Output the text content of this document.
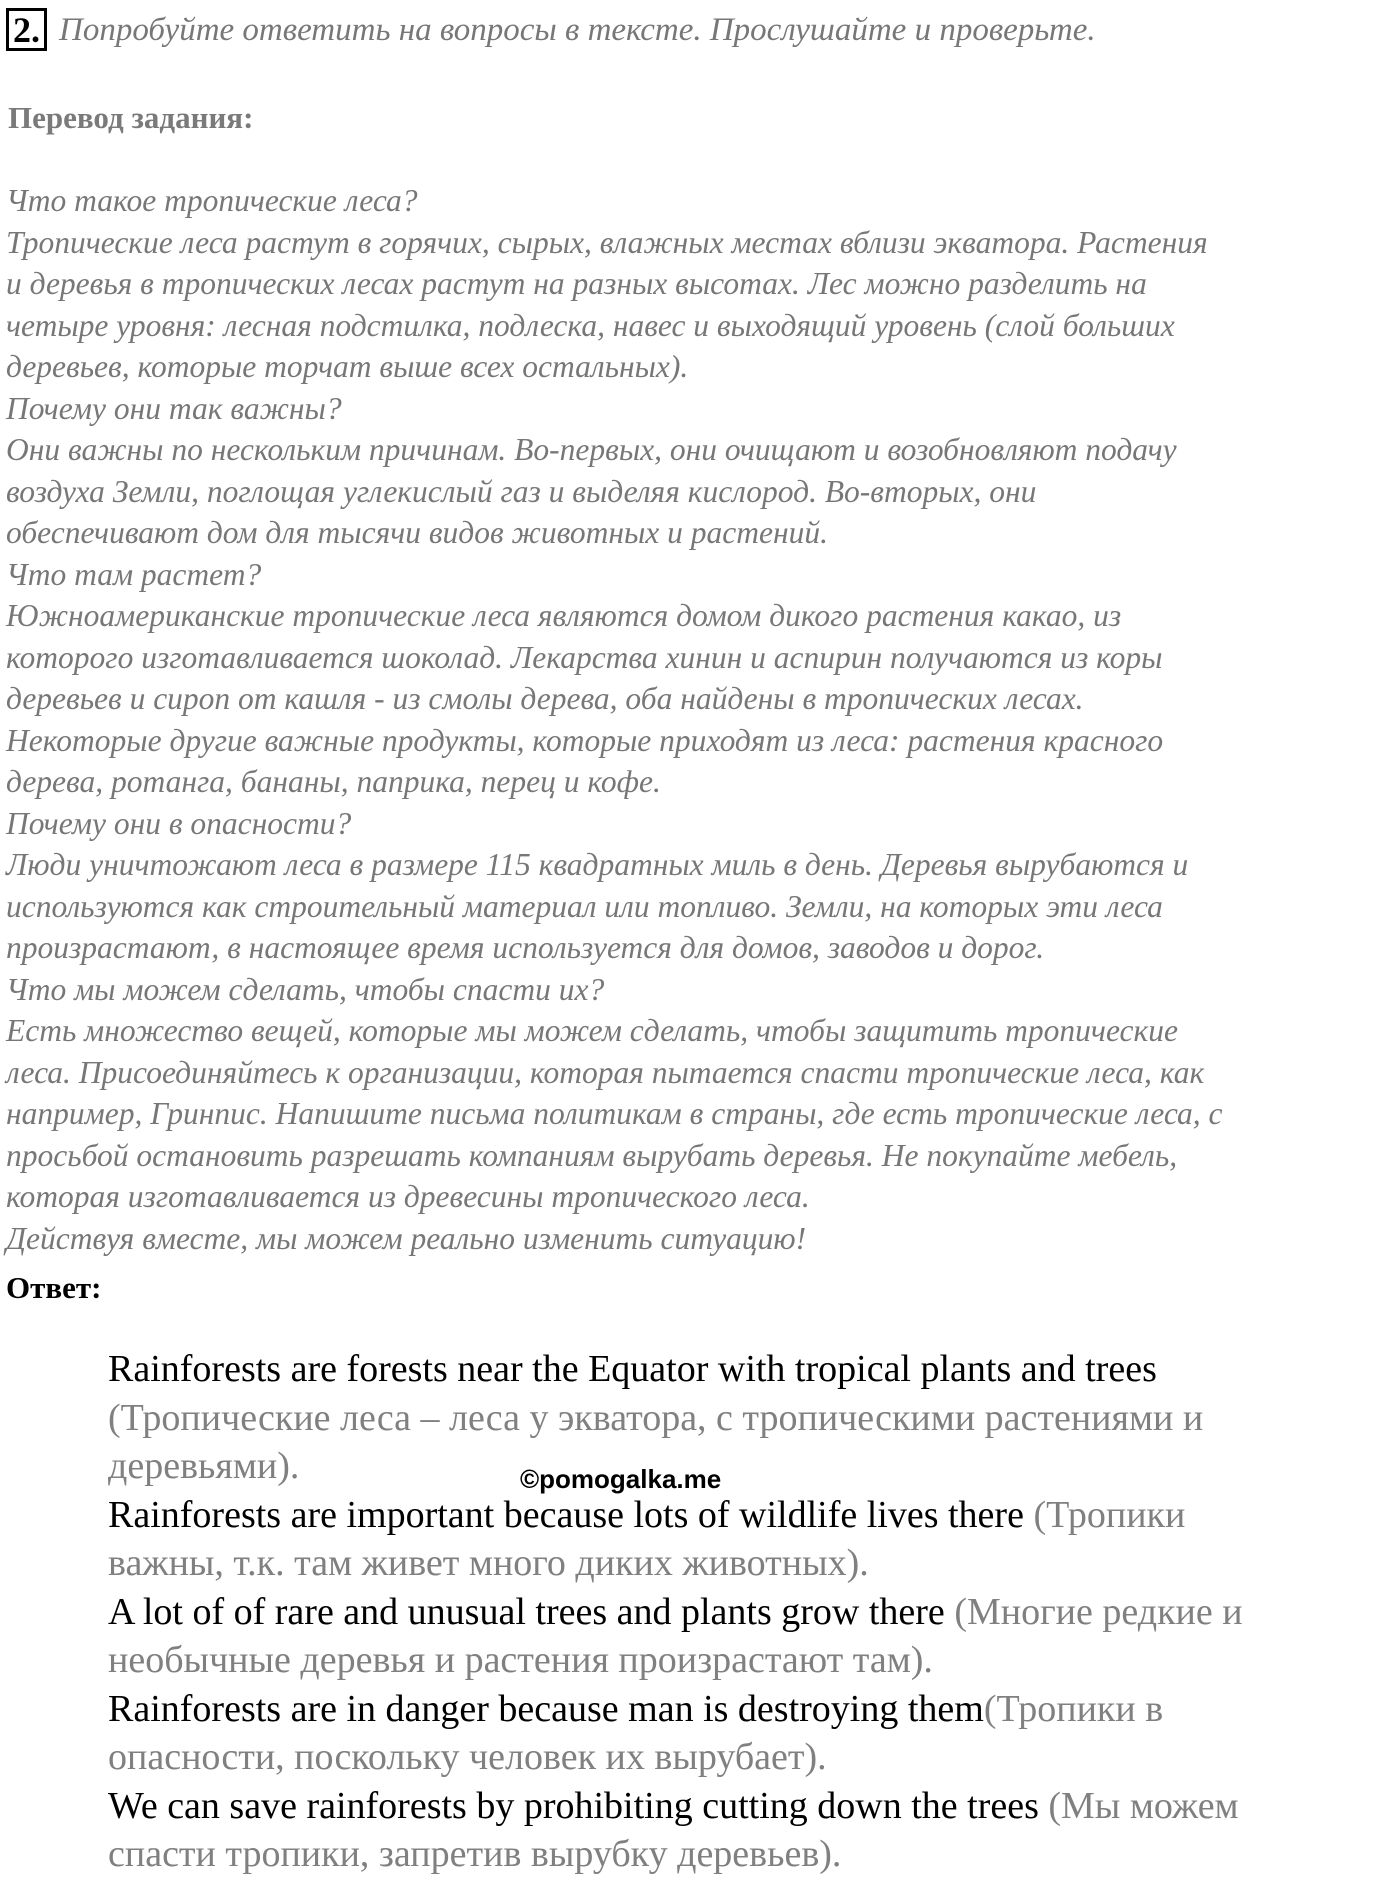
2. Попробуйте ответить на вопросы в тексте. Прослушайте и проверьте.
Перевод задания:
Что такое тропические леса?
Тропические леса растут в горячих, сырых, влажных местах вблизи экватора. Растения
и деревья в тропических лесах растут на разных высотах. Лес можно разделить на
четыре уровня: лесная подстилка, подлеска, навес и выходящий уровень (слой больших
деревьев, которые торчат выше всех остальных).
Почему они так важны?
Они важны по нескольким причинам. Во-первых, они очищают и возобновляют подачу
воздуха Земли, поглощая углекислый газ и выделяя кислород. Во-вторых, они
обеспечивают дом для тысячи видов животных и растений.
Что там растет?
Южноамериканские тропические леса являются домом дикого растения какао, из
которого изготавливается шоколад. Лекарства хинин и аспирин получаются из коры
деревьев и сироп от кашля - из смолы дерева, оба найдены в тропических лесах.
Некоторые другие важные продукты, которые приходят из леса: растения красного
дерева, ротанга, бананы, паприка, перец и кофе.
Почему они в опасности?
Люди уничтожают леса в размере 115 квадратных миль в день. Деревья вырубаются и
используются как строительный материал или топливо. Земли, на которых эти леса
произрастают, в настоящее время используется для домов, заводов и дорог.
Что мы можем сделать, чтобы спасти их?
Есть множество вещей, которые мы можем сделать, чтобы защитить тропические
леса. Присоединяйтесь к организации, которая пытается спасти тропические леса, как
например, Гринпис. Напишите письма политикам в страны, где есть тропические леса, с
просьбой остановить разрешать компаниям вырубать деревья. Не покупайте мебель,
которая изготавливается из древесины тропического леса.
Действуя вместе, мы можем реально изменить ситуацию!
Ответ:
Rainforests are forests near the Equator with tropical plants and trees
(Тропические леса – леса у экватора, с тропическими растениями и
деревьями).
Rainforests are important because lots of wildlife lives there (Тропики
важны, т.к. там живет много диких животных).
A lot of of rare and unusual trees and plants grow there (Многие редкие и
необычные деревья и растения произрастают там).
Rainforests are in danger because man is destroying them(Тропики в
опасности, поскольку человек их вырубает).
We can save rainforests by prohibiting cutting down the trees (Мы можем
спасти тропики, запретив вырубку деревьев).
©pomogalka.me
